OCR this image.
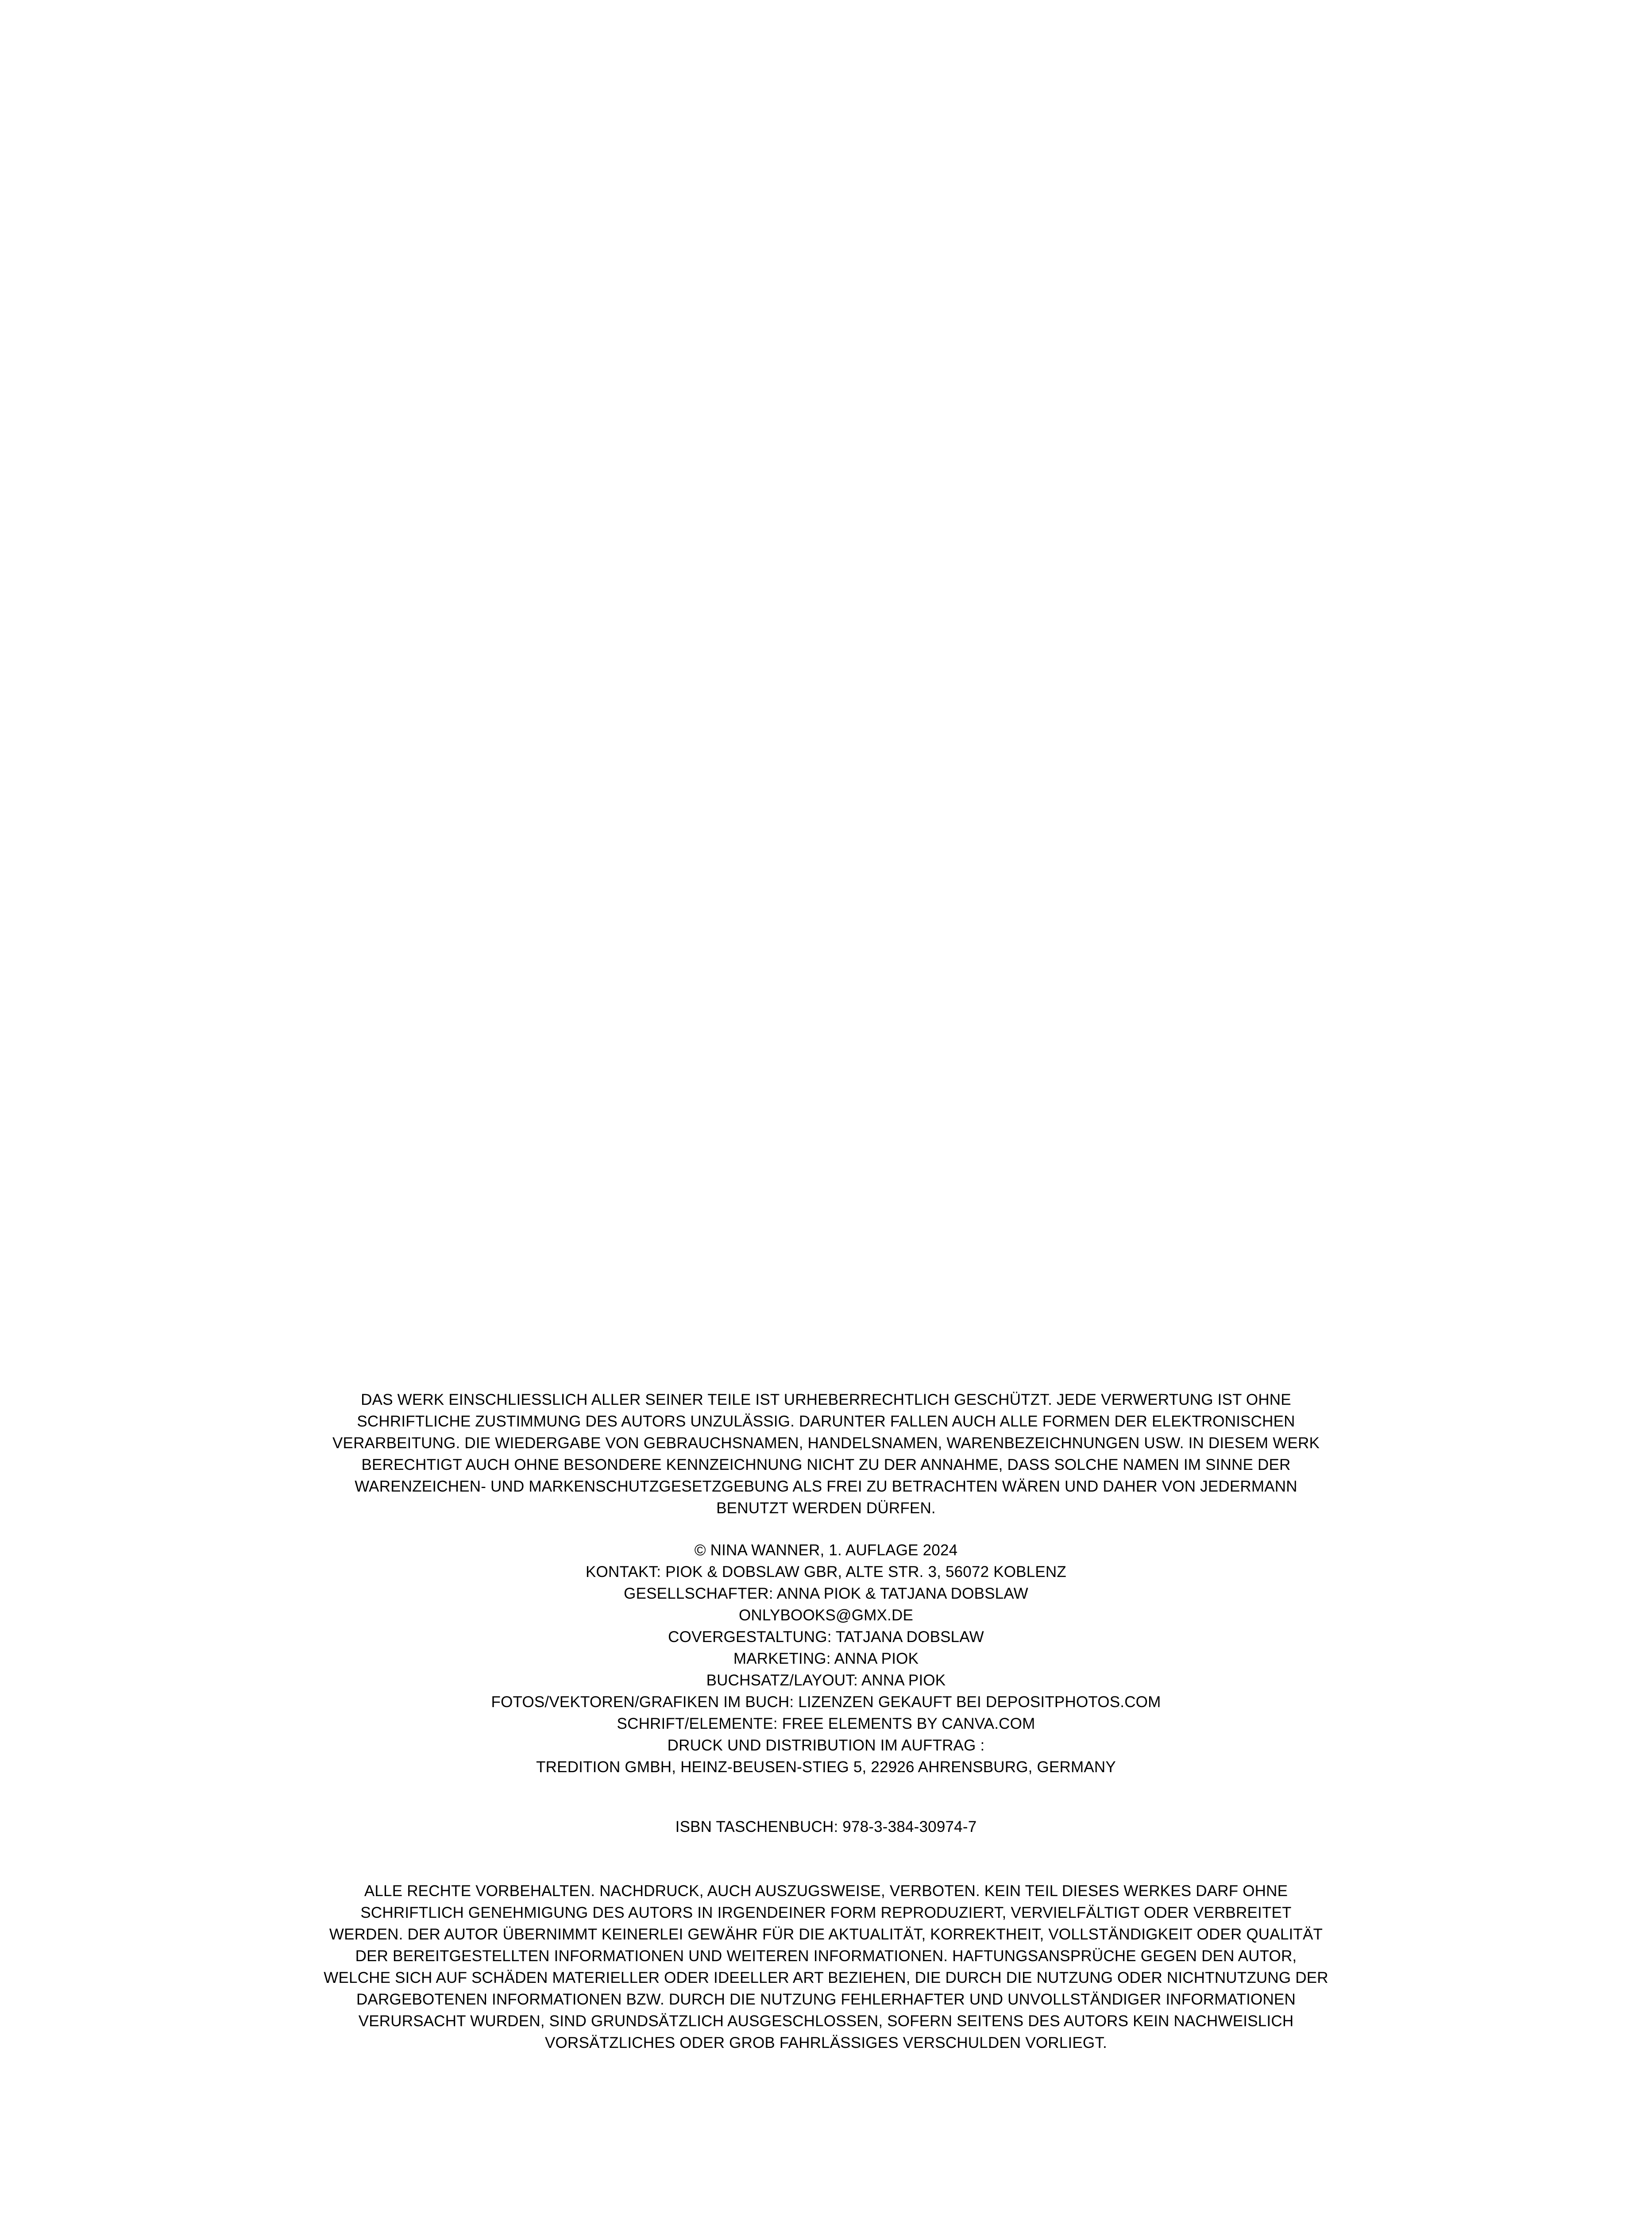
DAS WERK EINSCHLIESSLICH ALLER SEINER TEILE IST URHEBERRECHTLICH GESCHÜTZT. JEDE VERWERTUNG IST OHNE
SCHRIFTLICHE ZUSTIMMUNG DES AUTORS UNZULÄSSIG. DARUNTER FALLEN AUCH ALLE FORMEN DER ELEKTRONISCHEN
VERARBEITUNG. DIE WIEDERGABE VON GEBRAUCHSNAMEN, HANDELSNAMEN, WARENBEZEICHNUNGEN USW. IN DIESEM WERK
BERECHTIGT AUCH OHNE BESONDERE KENNZEICHNUNG NICHT ZU DER ANNAHME, DASS SOLCHE NAMEN IM SINNE DER
WARENZEICHEN- UND MARKENSCHUTZGESETZGEBUNG ALS FREI ZU BETRACHTEN WÄREN UND DAHER VON JEDERMANN
BENUTZT WERDEN DÜRFEN.
© NINA WANNER, 1. AUFLAGE 2024
KONTAKT: PIOK & DOBSLAW GBR, ALTE STR. 3, 56072 KOBLENZ
GESELLSCHAFTER: ANNA PIOK & TATJANA DOBSLAW
ONLYBOOKS@GMX.DE
COVERGESTALTUNG: TATJANA DOBSLAW
MARKETING: ANNA PIOK
BUCHSATZ/LAYOUT: ANNA PIOK
FOTOS/VEKTOREN/GRAFIKEN IM BUCH: LIZENZEN GEKAUFT BEI DEPOSITPHOTOS.COM
SCHRIFT/ELEMENTE: FREE ELEMENTS BY CANVA.COM
DRUCK UND DISTRIBUTION IM AUFTRAG :
TREDITION GMBH, HEINZ-BEUSEN-STIEG 5, 22926 AHRENSBURG, GERMANY
ISBN TASCHENBUCH: 978-3-384-30974-7
ALLE RECHTE VORBEHALTEN. NACHDRUCK, AUCH AUSZUGSWEISE, VERBOTEN. KEIN TEIL DIESES WERKES DARF OHNE
SCHRIFTLICH GENEHMIGUNG DES AUTORS IN IRGENDEINER FORM REPRODUZIERT, VERVIELFÄLTIGT ODER VERBREITET
WERDEN. DER AUTOR ÜBERNIMMT KEINERLEI GEWÄHR FÜR DIE AKTUALITÄT, KORREKTHEIT, VOLLSTÄNDIGKEIT ODER QUALITÄT
DER BEREITGESTELLTEN INFORMATIONEN UND WEITEREN INFORMATIONEN. HAFTUNGSANSPRÜCHE GEGEN DEN AUTOR,
WELCHE SICH AUF SCHÄDEN MATERIELLER ODER IDEELLER ART BEZIEHEN, DIE DURCH DIE NUTZUNG ODER NICHTNUTZUNG DER
DARGEBOTENEN INFORMATIONEN BZW. DURCH DIE NUTZUNG FEHLERHAFTER UND UNVOLLSTÄNDIGER INFORMATIONEN
VERURSACHT WURDEN, SIND GRUNDSÄTZLICH AUSGESCHLOSSEN, SOFERN SEITENS DES AUTORS KEIN NACHWEISLICH
VORSÄTZLICHES ODER GROB FAHRLÄSSIGES VERSCHULDEN VORLIEGT.
